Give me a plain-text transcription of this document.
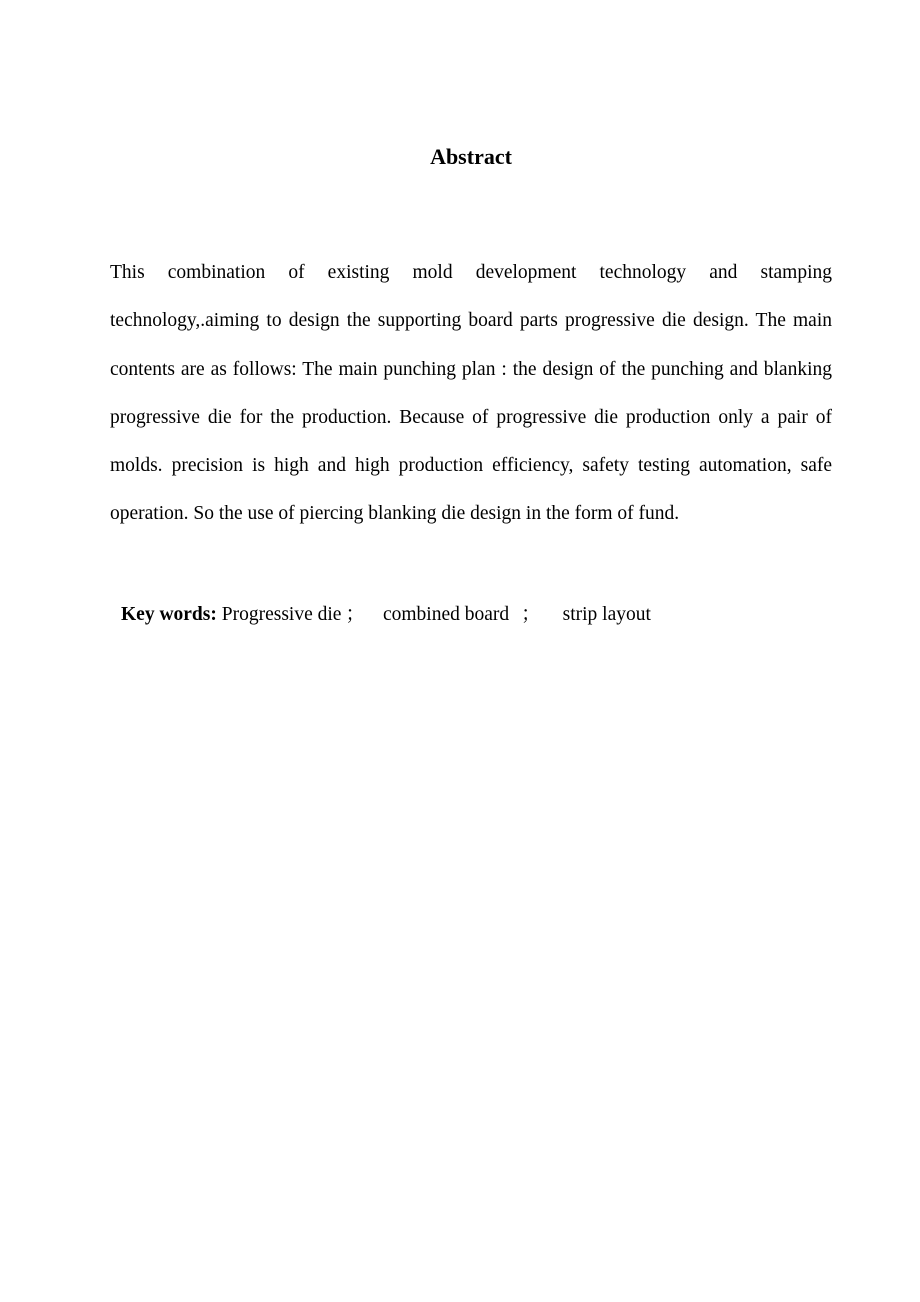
Abstract

This combination of existing mold development technology and stamping technology,.aiming to design the supporting board parts progressive die design. The main contents are as follows: The main punching plan : the design of the punching and blanking progressive die for the production. Because of progressive die production only a pair of molds. precision is high and high production efficiency, safety testing automation, safe operation. So the use of piercing blanking die design in the form of fund.

Key words: Progressive die ； combined board ； strip layout
